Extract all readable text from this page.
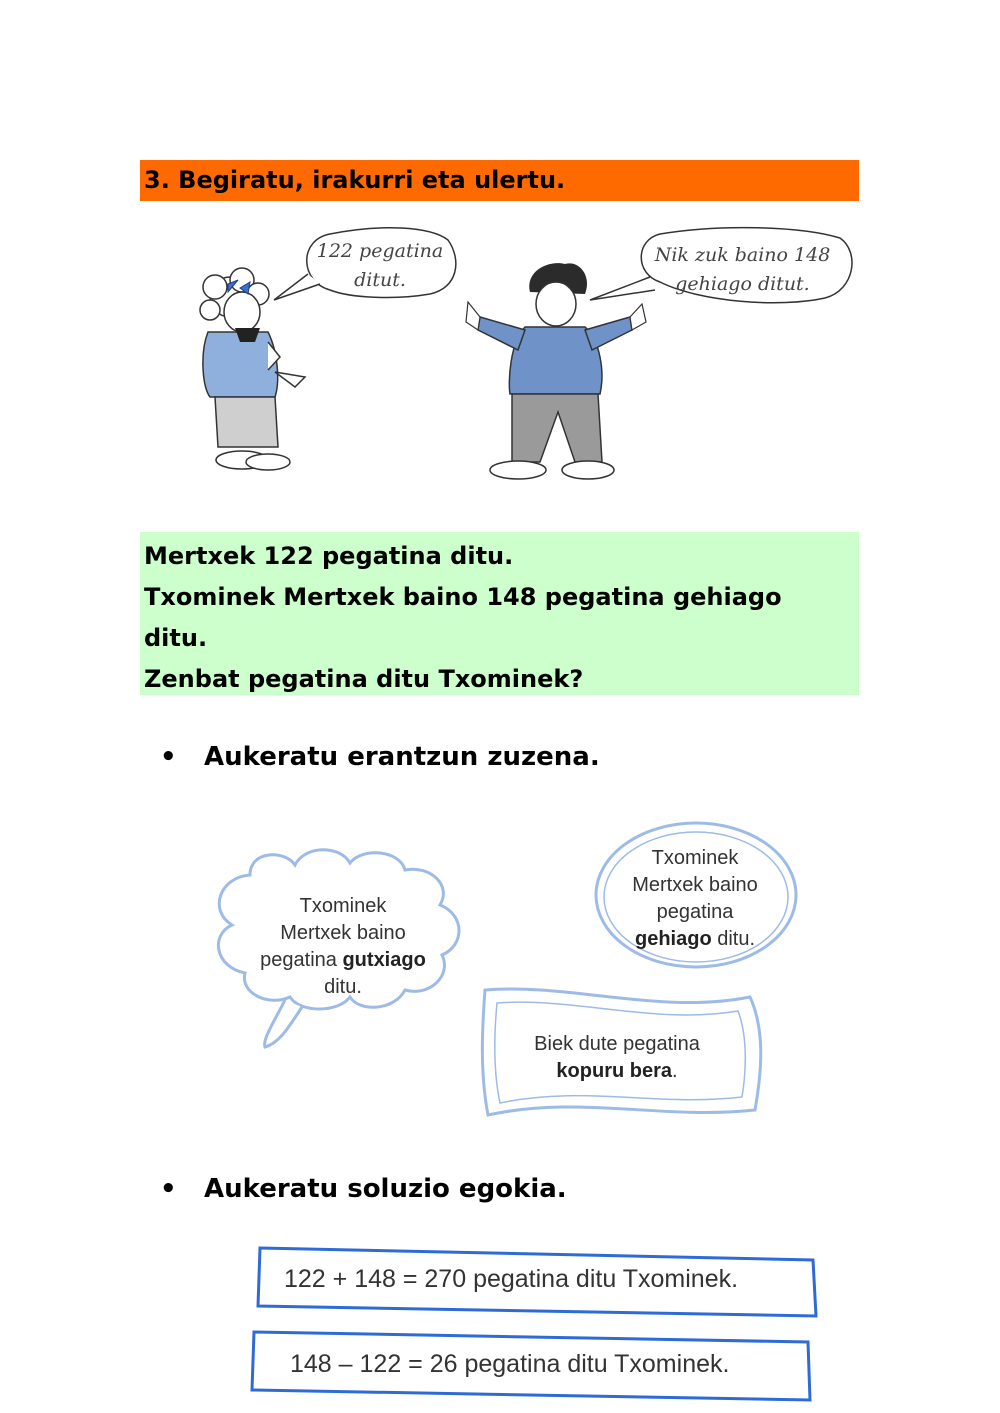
3. Begiratu, irakurri eta ulertu.
122 pegatina
ditut.
Nik zuk baino 148
gehiago ditut.
Mertxek 122 pegatina ditu.
Txominek Mertxek baino 148 pegatina gehiago
ditu.
Zenbat pegatina ditu Txominek?
• Aukeratu erantzun zuzena.
Txominek
Mertxek baino
pegatina gutxiago
ditu.
Txominek
Mertxek baino
pegatina
gehiago ditu.
Biek dute pegatina
kopuru bera.
• Aukeratu soluzio egokia.
122 + 148 = 270 pegatina ditu Txominek.
148 – 122 = 26 pegatina ditu Txominek.
